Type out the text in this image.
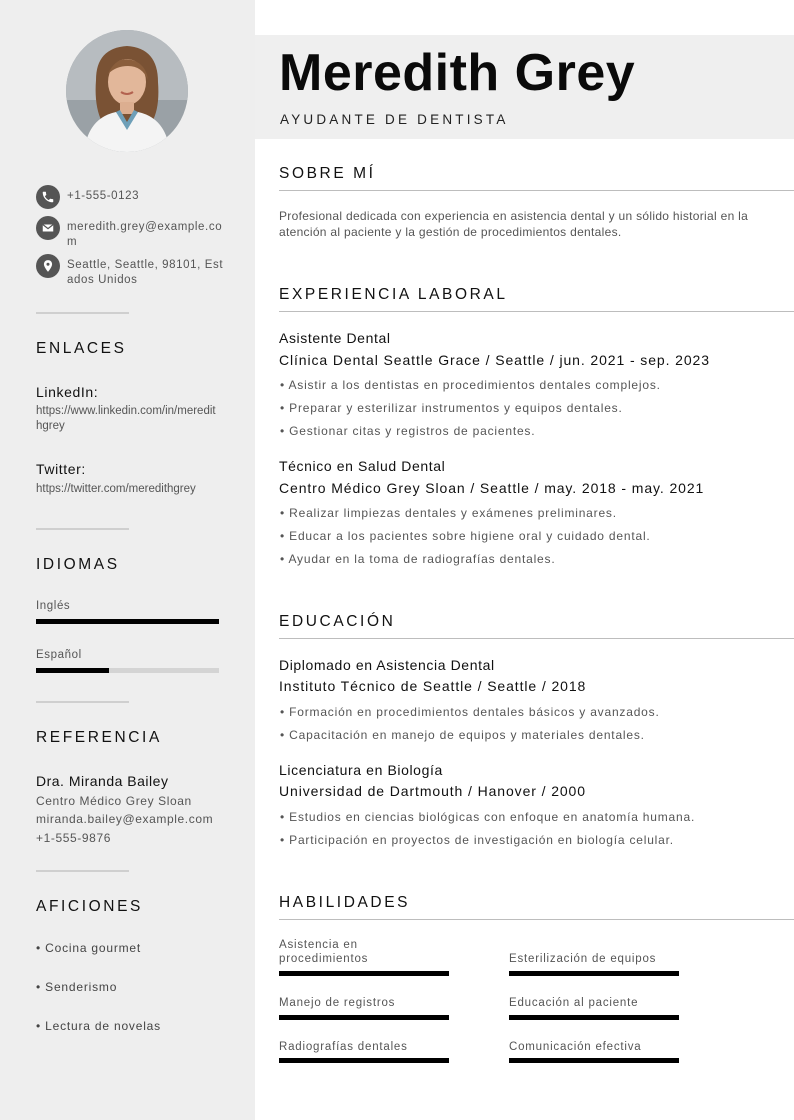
+1-555-0123
meredith.grey@example.com
Seattle, Seattle, 98101, Estados Unidos
ENLACES
LinkedIn:
https://www.linkedin.com/in/meredithgrey
Twitter:
https://twitter.com/meredithgrey
IDIOMAS
Inglés
Español
REFERENCIA
Dra. Miranda Bailey
Centro Médico Grey Sloan
miranda.bailey@example.com
+1-555-9876
AFICIONES
• Cocina gourmet
• Senderismo
• Lectura de novelas
Meredith Grey
AYUDANTE DE DENTISTA
SOBRE MÍ
Profesional dedicada con experiencia en asistencia dental y un sólido historial en la atención al paciente y la gestión de procedimientos dentales.
EXPERIENCIA LABORAL
Asistente Dental
Clínica Dental Seattle Grace / Seattle / jun. 2021 - sep. 2023
• Asistir a los dentistas en procedimientos dentales complejos.
• Preparar y esterilizar instrumentos y equipos dentales.
• Gestionar citas y registros de pacientes.
Técnico en Salud Dental
Centro Médico Grey Sloan / Seattle / may. 2018 - may. 2021
• Realizar limpiezas dentales y exámenes preliminares.
• Educar a los pacientes sobre higiene oral y cuidado dental.
• Ayudar en la toma de radiografías dentales.
EDUCACIÓN
Diplomado en Asistencia Dental
Instituto Técnico de Seattle / Seattle / 2018
• Formación en procedimientos dentales básicos y avanzados.
• Capacitación en manejo de equipos y materiales dentales.
Licenciatura en Biología
Universidad de Dartmouth / Hanover / 2000
• Estudios en ciencias biológicas con enfoque en anatomía humana.
• Participación en proyectos de investigación en biología celular.
HABILIDADES
Asistencia en procedimientos	Esterilización de equipos
Manejo de registros	Educación al paciente
Radiografías dentales	Comunicación efectiva
